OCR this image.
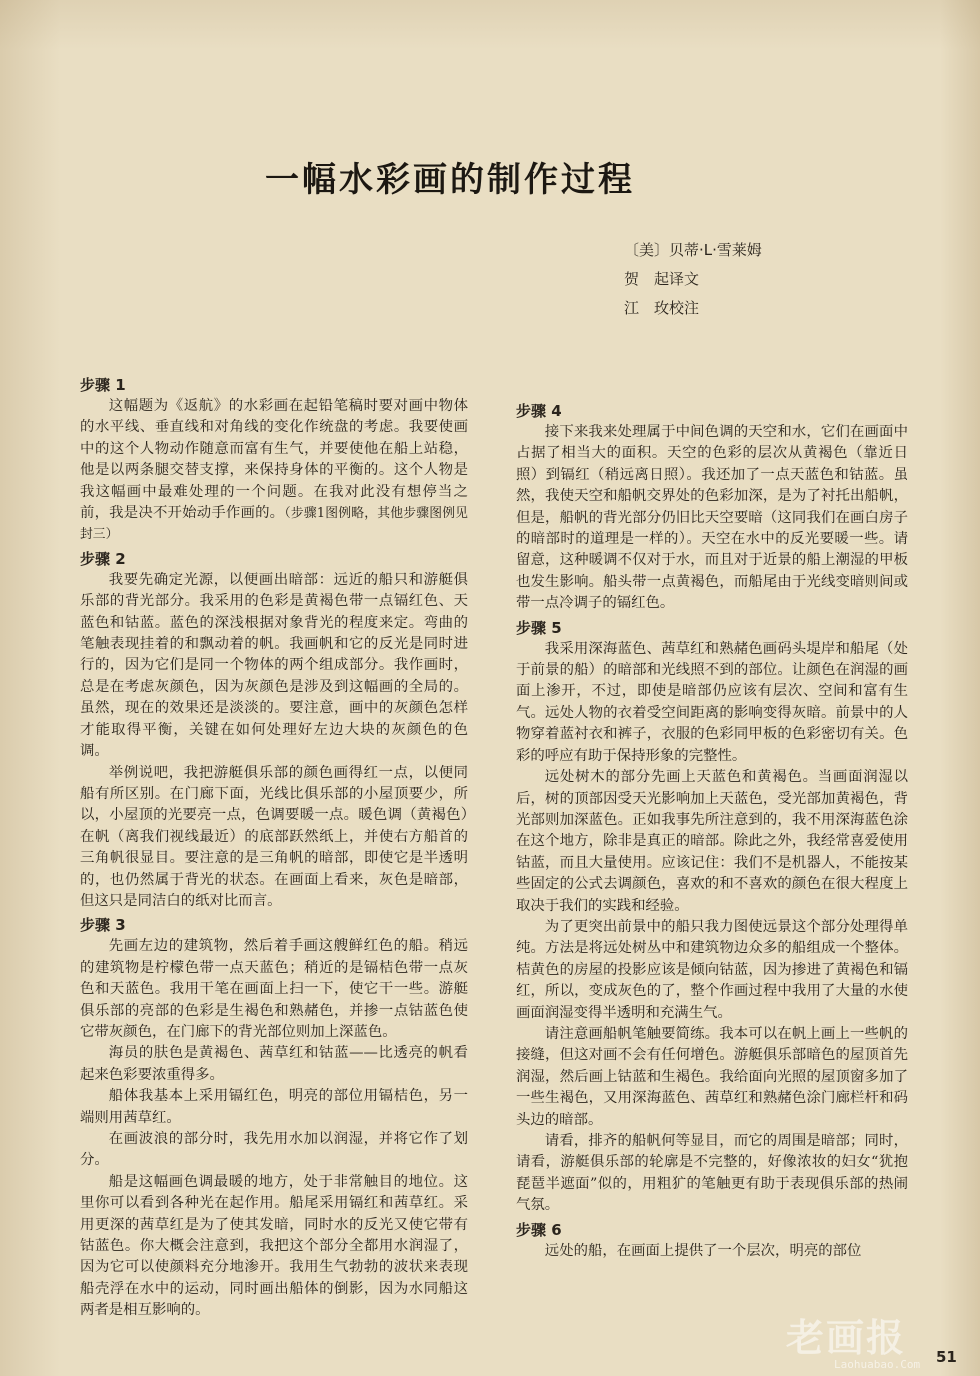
一幅水彩画的制作过程
〔美〕贝蒂·L·雪莱姆
贺　起译文
江　玫校注
步骤 1

这幅题为《返航》的水彩画在起铅笔稿时要对画中物体的水平线、垂直线和对角线的变化作统盘的考虑。我要使画中的这个人物动作随意而富有生气，并要使他在船上站稳，他是以两条腿交替支撑，来保持身体的平衡的。这个人物是我这幅画中最难处理的一个问题。在我对此没有想停当之前，我是决不开始动手作画的。（步骤1图例略，其他步骤图例见封三）

步骤 2

我要先确定光源，以便画出暗部：远近的船只和游艇俱乐部的背光部分。我采用的色彩是黄褐色带一点镉红色、天蓝色和钴蓝。蓝色的深浅根据对象背光的程度来定。弯曲的笔触表现挂着的和飘动着的帆。我画帆和它的反光是同时进行的，因为它们是同一个物体的两个组成部分。我作画时，总是在考虑灰颜色，因为灰颜色是涉及到这幅画的全局的。虽然，现在的效果还是淡淡的。要注意，画中的灰颜色怎样才能取得平衡，关键在如何处理好左边大块的灰颜色的色调。

举例说吧，我把游艇俱乐部的颜色画得红一点，以便同船有所区别。在门廊下面，光线比俱乐部的小屋顶要少，所以，小屋顶的光要亮一点，色调要暖一点。暖色调（黄褐色）在帆（离我们视线最近）的底部跃然纸上，并使右方船首的三角帆很显目。要注意的是三角帆的暗部，即使它是半透明的，也仍然属于背光的状态。在画面上看来，灰色是暗部，但这只是同洁白的纸对比而言。

步骤 3

先画左边的建筑物，然后着手画这艘鲜红色的船。稍远的建筑物是柠檬色带一点天蓝色；稍近的是镉桔色带一点灰色和天蓝色。我用干笔在画面上扫一下，使它干一些。游艇俱乐部的亮部的色彩是生褐色和熟赭色，并掺一点钴蓝色使它带灰颜色，在门廊下的背光部位则加上深蓝色。

海员的肤色是黄褐色、茜草红和钴蓝——比透亮的帆看起来色彩要浓重得多。

船体我基本上采用镉红色，明亮的部位用镉桔色，另一端则用茜草红。

在画波浪的部分时，我先用水加以润湿，并将它作了划分。

船是这幅画色调最暖的地方，处于非常触目的地位。这里你可以看到各种光在起作用。船尾采用镉红和茜草红。采用更深的茜草红是为了使其发暗，同时水的反光又使它带有钴蓝色。你大概会注意到，我把这个部分全都用水润湿了，因为它可以使颜料充分地渗开。我用生气勃勃的波状来表现船壳浮在水中的运动，同时画出船体的倒影，因为水同船这两者是相互影响的。

步骤 4

接下来我来处理属于中间色调的天空和水，它们在画面中占据了相当大的面积。天空的色彩的层次从黄褐色（靠近日照）到镉红（稍远离日照）。我还加了一点天蓝色和钴蓝。虽然，我使天空和船帆交界处的色彩加深，是为了衬托出船帆，但是，船帆的背光部分仍旧比天空要暗（这同我们在画白房子的暗部时的道理是一样的）。天空在水中的反光要暖一些。请留意，这种暖调不仅对于水，而且对于近景的船上潮湿的甲板也发生影响。船头带一点黄褐色，而船尾由于光线变暗则间或带一点冷调子的镉红色。

步骤 5

我采用深海蓝色、茜草红和熟赭色画码头堤岸和船尾（处于前景的船）的暗部和光线照不到的部位。让颜色在润湿的画面上渗开，不过，即使是暗部仍应该有层次、空间和富有生气。远处人物的衣着受空间距离的影响变得灰暗。前景中的人物穿着蓝衬衣和裤子，衣服的色彩同甲板的色彩密切有关。色彩的呼应有助于保持形象的完整性。

远处树木的部分先画上天蓝色和黄褐色。当画面润湿以后，树的顶部因受天光影响加上天蓝色，受光部加黄褐色，背光部则加深蓝色。正如我事先所注意到的，我不用深海蓝色涂在这个地方，除非是真正的暗部。除此之外，我经常喜爱使用钴蓝，而且大量使用。应该记住：我们不是机器人，不能按某些固定的公式去调颜色，喜欢的和不喜欢的颜色在很大程度上取决于我们的实践和经验。

为了更突出前景中的船只我力图使远景这个部分处理得单纯。方法是将远处树丛中和建筑物边众多的船组成一个整体。桔黄色的房屋的投影应该是倾向钴蓝，因为掺进了黄褐色和镉红，所以，变成灰色的了，整个作画过程中我用了大量的水使画面润湿变得半透明和充满生气。

请注意画船帆笔触要简练。我本可以在帆上画上一些帆的接缝，但这对画不会有任何增色。游艇俱乐部暗色的屋顶首先润湿，然后画上钴蓝和生褐色。我给面向光照的屋顶窗多加了一些生褐色，又用深海蓝色、茜草红和熟赭色涂门廊栏杆和码头边的暗部。

请看，排齐的船帆何等显目，而它的周围是暗部；同时，请看，游艇俱乐部的轮廓是不完整的，好像浓妆的妇女“犹抱琵琶半遮面”似的，用粗犷的笔触更有助于表现俱乐部的热闹气氛。

步骤 6

远处的船，在画面上提供了一个层次，明亮的部位

老画报
Laohuabao.Com 51
